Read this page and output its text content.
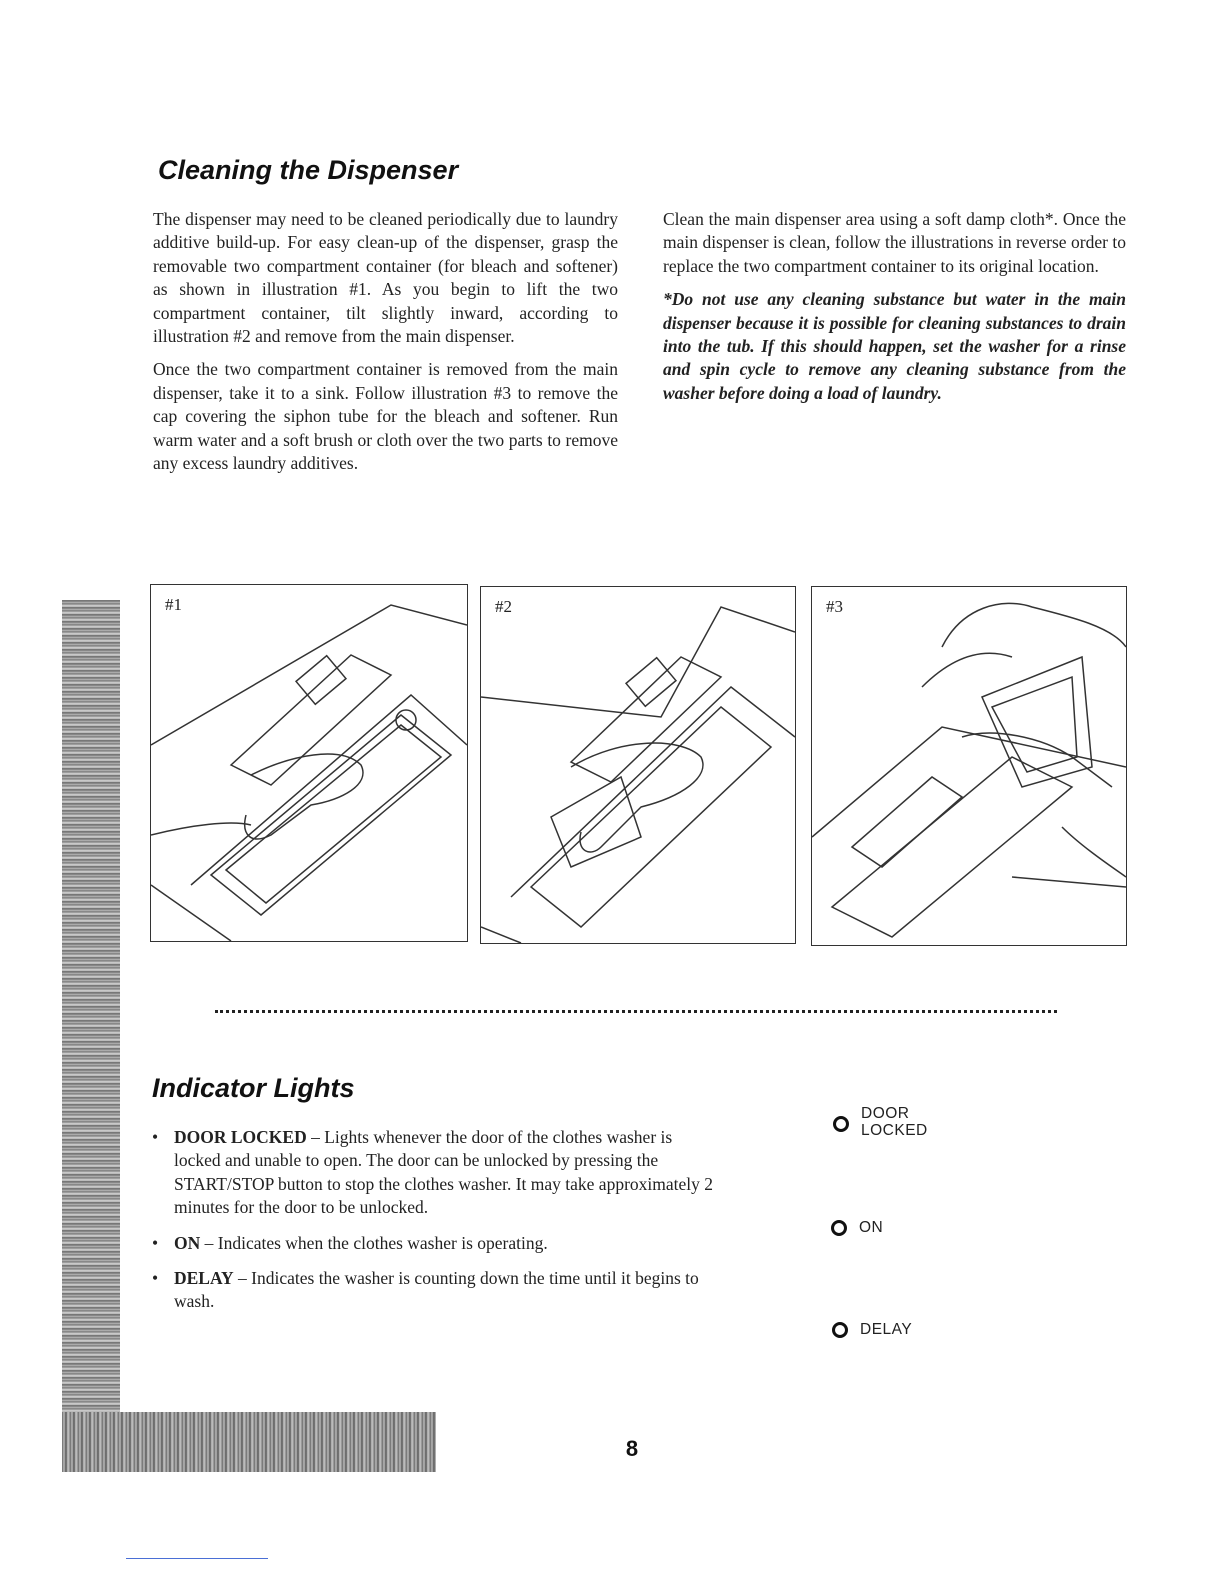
Cleaning the Dispenser

The dispenser may need to be cleaned periodically due to laundry additive build-up. For easy clean-up of the dispenser, grasp the removable two compartment container (for bleach and softener) as shown in illustration #1. As you begin to lift the two compartment container, tilt slightly inward, according to illustration #2 and remove from the main dispenser.

Once the two compartment container is removed from the main dispenser, take it to a sink. Follow illustration #3 to remove the cap covering the siphon tube for the bleach and softener. Run warm water and a soft brush or cloth over the two parts to remove any excess laundry additives.

Clean the main dispenser area using a soft damp cloth*. Once the main dispenser is clean, follow the illustrations in reverse order to replace the two compartment container to its original location.

*Do not use any cleaning substance but water in the main dispenser because it is possible for cleaning substances to drain into the tub. If this should happen, set the washer for a rinse and spin cycle to remove any cleaning substance from the washer before doing a load of laundry.

#1	#2	#3
Indicator Lights
• DOOR LOCKED – Lights whenever the door of the clothes washer is locked and unable to open. The door can be unlocked by pressing the START/STOP button to stop the clothes washer. It may take approximately 2 minutes for the door to be unlocked.
• ON – Indicates when the clothes washer is operating.
• DELAY – Indicates the washer is counting down the time until it begins to wash.
DOOR
LOCKED
ON
DELAY
8
